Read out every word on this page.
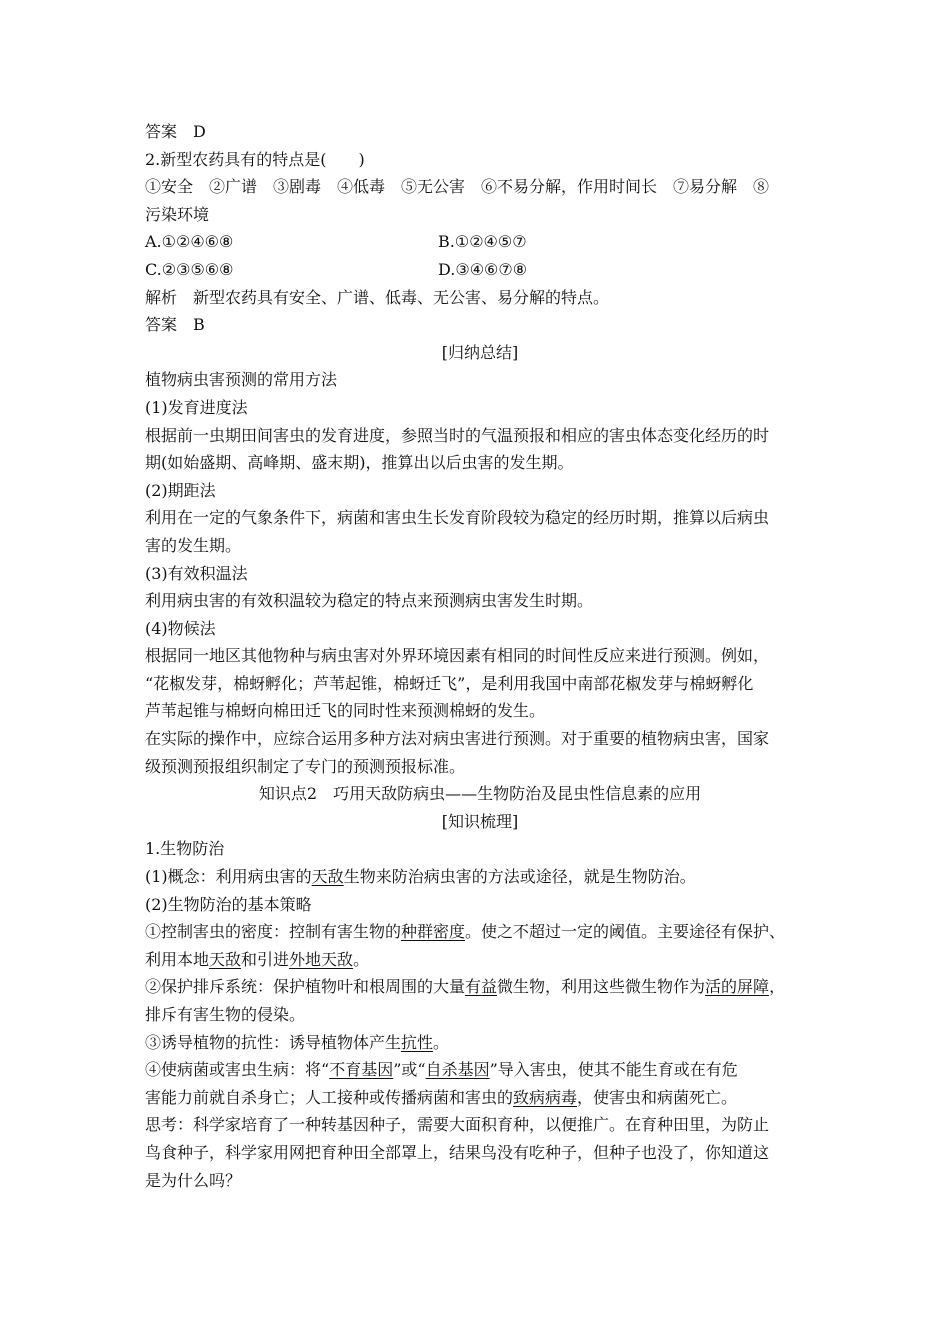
答案　D
2.新型农药具有的特点是(　　)
①安全　②广谱　③剧毒　④低毒　⑤无公害　⑥不易分解，作用时间长　⑦易分解　⑧
污染环境
A.①②④⑥⑧	B.①②④⑤⑦
C.②③⑤⑥⑧	D.③④⑥⑦⑧
解析　新型农药具有安全、广谱、低毒、无公害、易分解的特点。
答案　B
[归纳总结]
植物病虫害预测的常用方法
(1)发育进度法
根据前一虫期田间害虫的发育进度，参照当时的气温预报和相应的害虫体态变化经历的时
期(如始盛期、高峰期、盛末期)，推算出以后虫害的发生期。
(2)期距法
利用在一定的气象条件下，病菌和害虫生长发育阶段较为稳定的经历时期，推算以后病虫
害的发生期。
(3)有效积温法
利用病虫害的有效积温较为稳定的特点来预测病虫害发生时期。
(4)物候法
根据同一地区其他物种与病虫害对外界环境因素有相同的时间性反应来进行预测。例如，
“花椒发芽，棉蚜孵化；芦苇起锥，棉蚜迁飞”，是利用我国中南部花椒发芽与棉蚜孵化
芦苇起锥与棉蚜向棉田迁飞的同时性来预测棉蚜的发生。
在实际的操作中，应综合运用多种方法对病虫害进行预测。对于重要的植物病虫害，国家
级预测预报组织制定了专门的预测预报标准。
知识点2　巧用天敌防病虫——生物防治及昆虫性信息素的应用
[知识梳理]
1.生物防治
(1)概念：利用病虫害的天敌生物来防治病虫害的方法或途径，就是生物防治。
(2)生物防治的基本策略
①控制害虫的密度：控制有害生物的种群密度。使之不超过一定的阈值。主要途径有保护、
利用本地天敌和引进外地天敌。
②保护排斥系统：保护植物叶和根周围的大量有益微生物，利用这些微生物作为活的屏障，
排斥有害生物的侵染。
③诱导植物的抗性：诱导植物体产生抗性。
④使病菌或害虫生病：将“不育基因”或“自杀基因”导入害虫，使其不能生育或在有危
害能力前就自杀身亡；人工接种或传播病菌和害虫的致病病毒，使害虫和病菌死亡。
思考：科学家培育了一种转基因种子，需要大面积育种，以便推广。在育种田里，为防止
鸟食种子，科学家用网把育种田全部罩上，结果鸟没有吃种子，但种子也没了，你知道这
是为什么吗？
